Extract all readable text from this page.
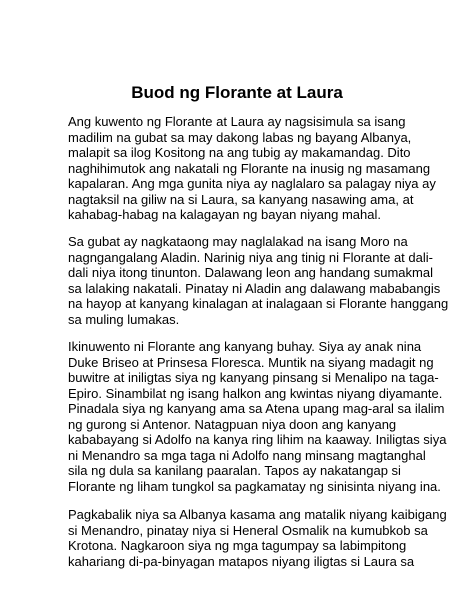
Buod ng Florante at Laura
Ang kuwento ng Florante at Laura ay nagsisimula sa isang
madilim na gubat sa may dakong labas ng bayang Albanya,
malapit sa ilog Kositong na ang tubig ay makamandag. Dito
naghihimutok ang nakatali ng Florante na inusig ng masamang
kapalaran. Ang mga gunita niya ay naglalaro sa palagay niya ay
nagtaksil na giliw na si Laura, sa kanyang nasawing ama, at
kahabag-habag na kalagayan ng bayan niyang mahal.
Sa gubat ay nagkataong may naglalakad na isang Moro na
nagngangalang Aladin. Narinig niya ang tinig ni Florante at dali-
dali niya itong tinunton. Dalawang leon ang handang sumakmal
sa lalaking nakatali. Pinatay ni Aladin ang dalawang mababangis
na hayop at kanyang kinalagan at inalagaan si Florante hanggang
sa muling lumakas.
Ikinuwento ni Florante ang kanyang buhay. Siya ay anak nina
Duke Briseo at Prinsesa Floresca. Muntik na siyang madagit ng
buwitre at iniligtas siya ng kanyang pinsang si Menalipo na taga-
Epiro. Sinambilat ng isang halkon ang kwintas niyang diyamante.
Pinadala siya ng kanyang ama sa Atena upang mag-aral sa ilalim
ng gurong si Antenor. Natagpuan niya doon ang kanyang
kababayang si Adolfo na kanya ring lihim na kaaway. Iniligtas siya
ni Menandro sa mga taga ni Adolfo nang minsang magtanghal
sila ng dula sa kanilang paaralan. Tapos ay nakatangap si
Florante ng liham tungkol sa pagkamatay ng sinisinta niyang ina.
Pagkabalik niya sa Albanya kasama ang matalik niyang kaibigang
si Menandro, pinatay niya si Heneral Osmalik na kumubkob sa
Krotona. Nagkaroon siya ng mga tagumpay sa labimpitong
kahariang di-pa-binyagan matapos niyang iligtas si Laura sa
